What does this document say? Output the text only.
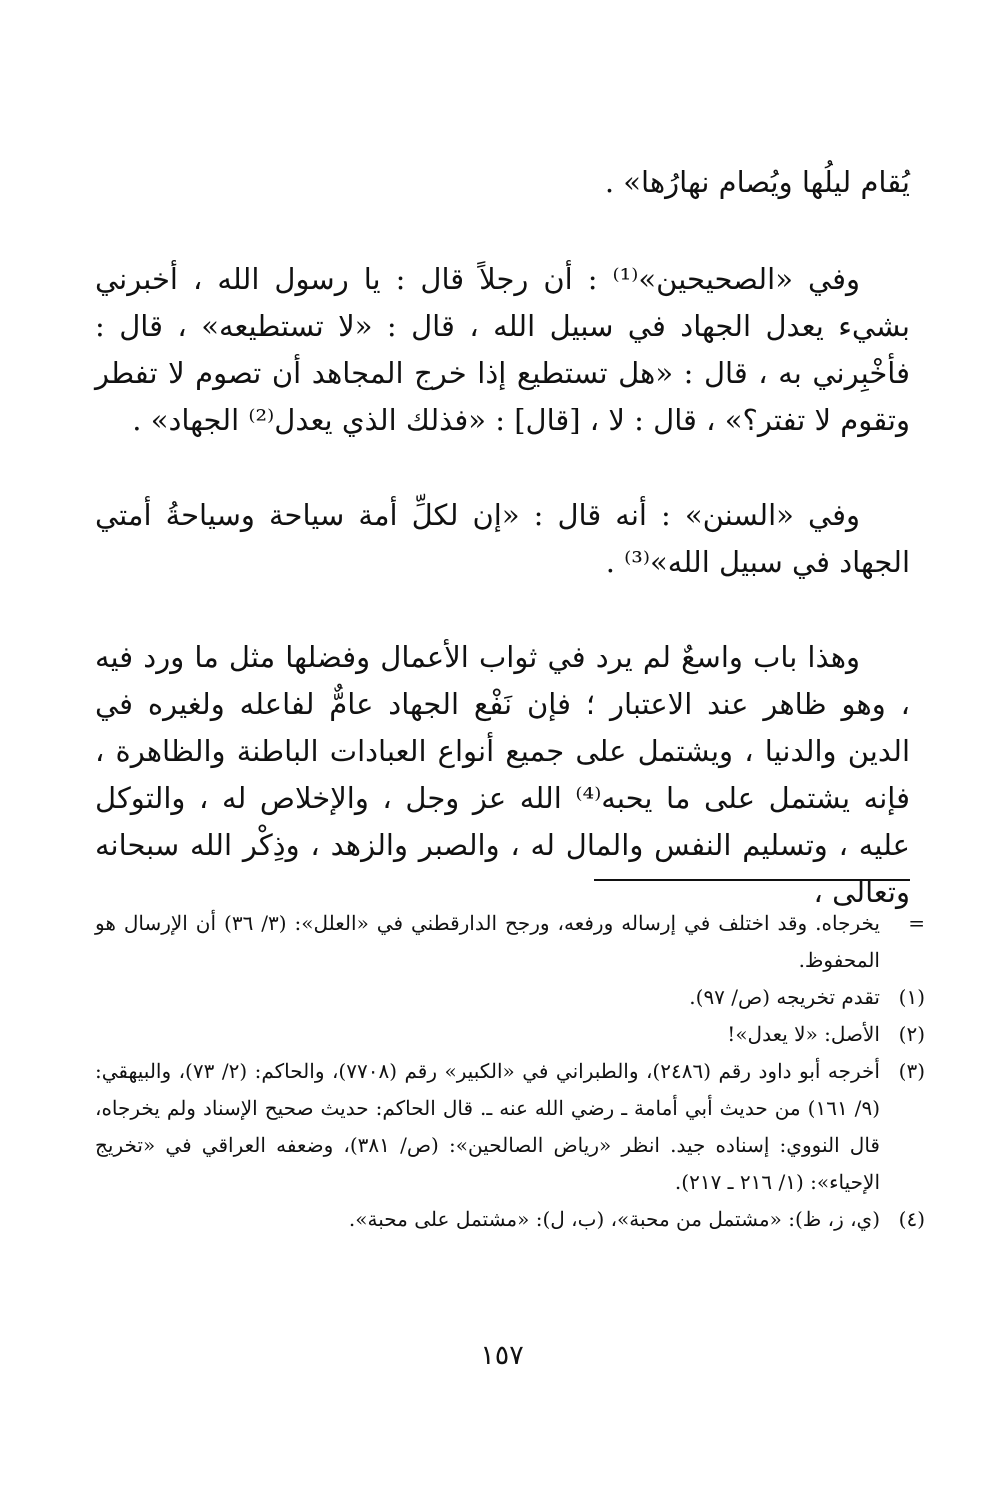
يُقام ليلُها ويُصام نهارُها» .

وفي «الصحيحين»⁽¹⁾ : أن رجلاً قال : يا رسول الله ، أخبرني بشيء يعدل الجهاد في سبيل الله ، قال : «لا تستطيعه» ، قال : فأخْبِرني به ، قال : «هل تستطيع إذا خرج المجاهد أن تصوم لا تفطر وتقوم لا تفتر؟» ، قال : لا ، [قال] : «فذلك الذي يعدل⁽²⁾ الجهاد» .

وفي «السنن» : أنه قال : «إن لكلِّ أمة سياحة وسياحةُ أمتي الجهاد في سبيل الله»⁽³⁾ .

وهذا باب واسعٌ لم يرد في ثواب الأعمال وفضلها مثل ما ورد فيه ، وهو ظاهر عند الاعتبار ؛ فإن نَفْع الجهاد عامٌّ لفاعله ولغيره في الدين والدنيا ، ويشتمل على جميع أنواع العبادات الباطنة والظاهرة ، فإنه يشتمل على ما يحبه⁽⁴⁾ الله عز وجل ، والإخلاص له ، والتوكل عليه ، وتسليم النفس والمال له ، والصبر والزهد ، وذِكْر الله سبحانه وتعالى ،

=
يخرجاه. وقد اختلف في إرساله ورفعه، ورجح الدارقطني في «العلل»: (٣/ ٣٦) أن الإرسال هو المحفوظ.
(١)
تقدم تخريجه (ص/ ٩٧).
(٢)
الأصل: «لا يعدل»!
(٣)
أخرجه أبو داود رقم (٢٤٨٦)، والطبراني في «الكبير» رقم (٧٧٠٨)، والحاكم: (٢/ ٧٣)، والبيهقي: (٩/ ١٦١) من حديث أبي أمامة ـ رضي الله عنه ـ. قال الحاكم: حديث صحيح الإسناد ولم يخرجاه، قال النووي: إسناده جيد. انظر «رياض الصالحين»: (ص/ ٣٨١)، وضعفه العراقي في «تخريج الإحياء»: (١/ ٢١٦ ـ ٢١٧).
(٤)
(ي، ز، ظ): «مشتمل من محبة»، (ب، ل): «مشتمل على محبة».
١٥٧
